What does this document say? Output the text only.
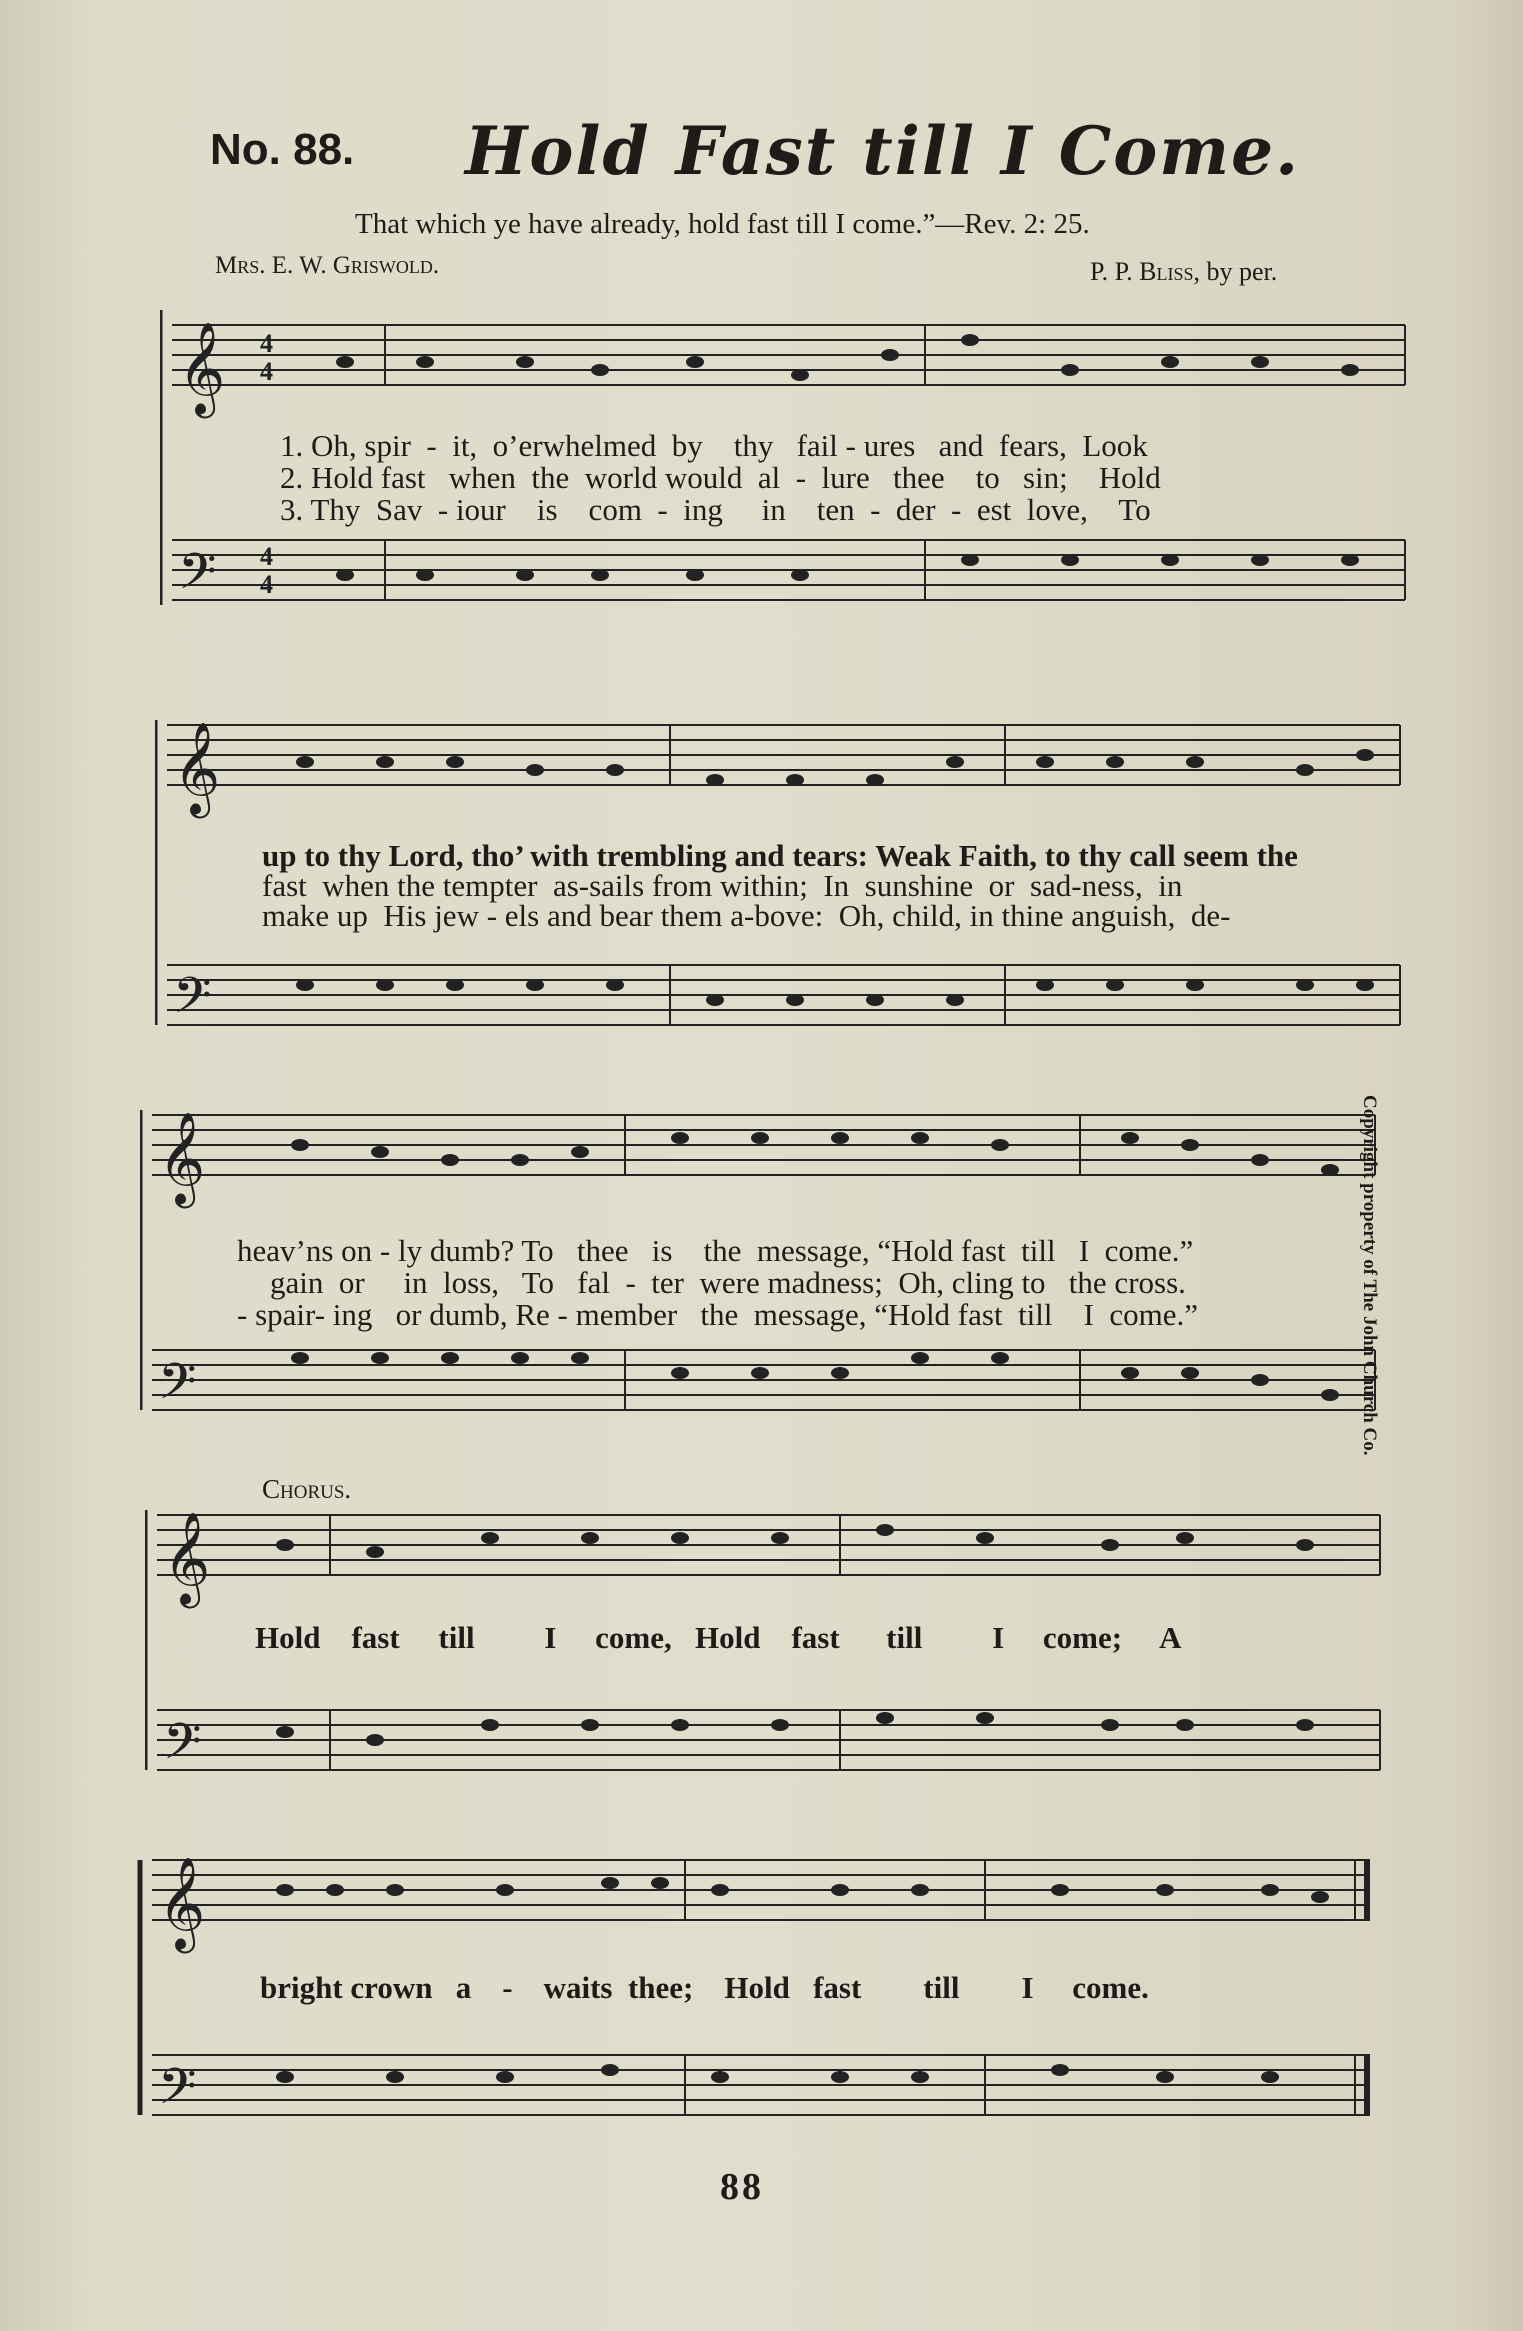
No. 88. Hold Fast till I Come.
That which ye have already, hold fast till I come.”—Rev. 2: 25.
Mrs. E. W. Griswold.	P. P. Bliss, by per.
𝄞
𝄢
4
4
4
4
1. Oh, spir  -  it,  o’erwhelmed  by    thy   fail - ures   and  fears,  Look
2. Hold fast   when  the  world would  al  -  lure   thee    to   sin;    Hold
3. Thy  Sav  - iour    is    com  -  ing     in    ten  -  der  -  est  love,    To
𝄞
𝄢
up to thy Lord, tho’ with trembling and tears: Weak Faith, to thy call seem the
fast  when the tempter  as-sails from within;  In  sunshine  or  sad-ness,  in
make up  His jew - els and bear them a-bove:  Oh, child, in thine anguish,  de-
𝄞
𝄢
heav’ns on - ly dumb? To   thee   is    the  message, “Hold fast  till   I  come.”
gain  or     in  loss,   To   fal  -  ter  were madness;  Oh, cling to   the cross.
- spair- ing   or dumb, Re - member   the  message, “Hold fast  till    I  come.”	Copyright property of The John Church Co.
Chorus.
𝄞
𝄢
Hold    fast     till         I     come,   Hold    fast      till         I     come;     A
𝄞
𝄢
bright crown   a    -    waits  thee;    Hold   fast        till        I     come.
88
